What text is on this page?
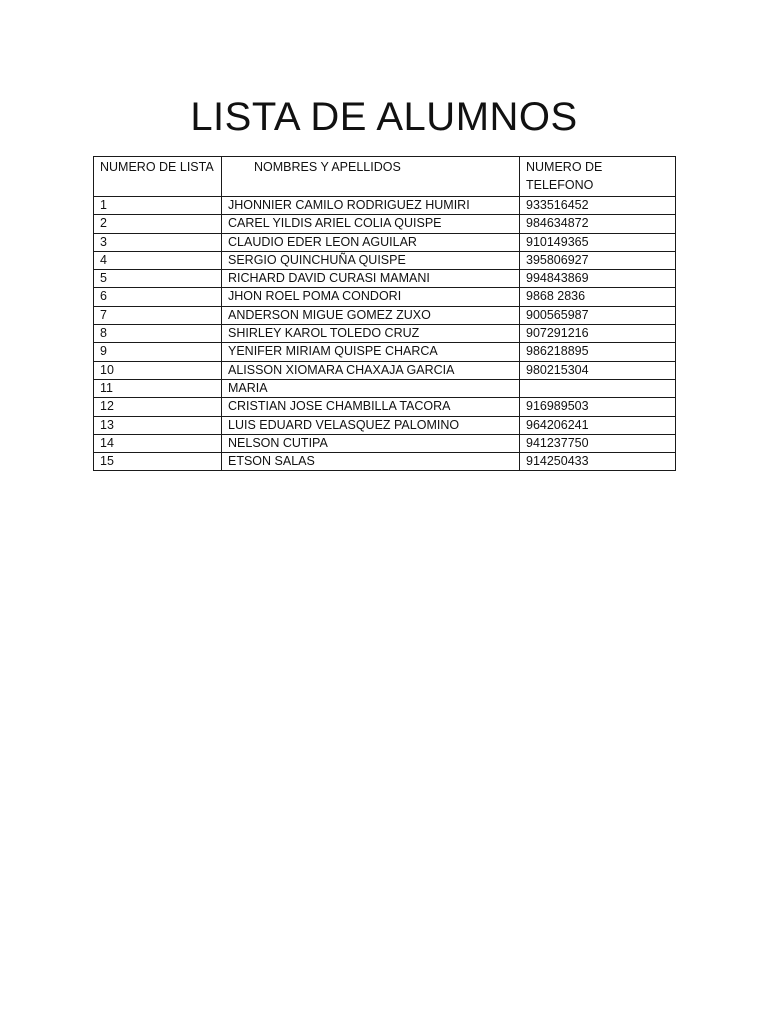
LISTA DE ALUMNOS
NUMERO DE LISTA	NOMBRES Y APELLIDOS	NUMERO DE TELEFONO
1	JHONNIER CAMILO RODRIGUEZ HUMIRI	933516452
2	CAREL YILDIS ARIEL COLIA QUISPE	984634872
3	CLAUDIO EDER LEON AGUILAR	910149365
4	SERGIO QUINCHUÑA QUISPE	395806927
5	RICHARD DAVID CURASI MAMANI	994843869
6	JHON ROEL POMA CONDORI	9868 2836
7	ANDERSON MIGUE GOMEZ ZUXO	900565987
8	SHIRLEY KAROL TOLEDO CRUZ	907291216
9	YENIFER MIRIAM QUISPE CHARCA	986218895
10	ALISSON XIOMARA CHAXAJA GARCIA	980215304
11	MARIA	
12	CRISTIAN JOSE CHAMBILLA TACORA	916989503
13	LUIS EDUARD VELASQUEZ PALOMINO	964206241
14	NELSON CUTIPA	941237750
15	ETSON SALAS	914250433
